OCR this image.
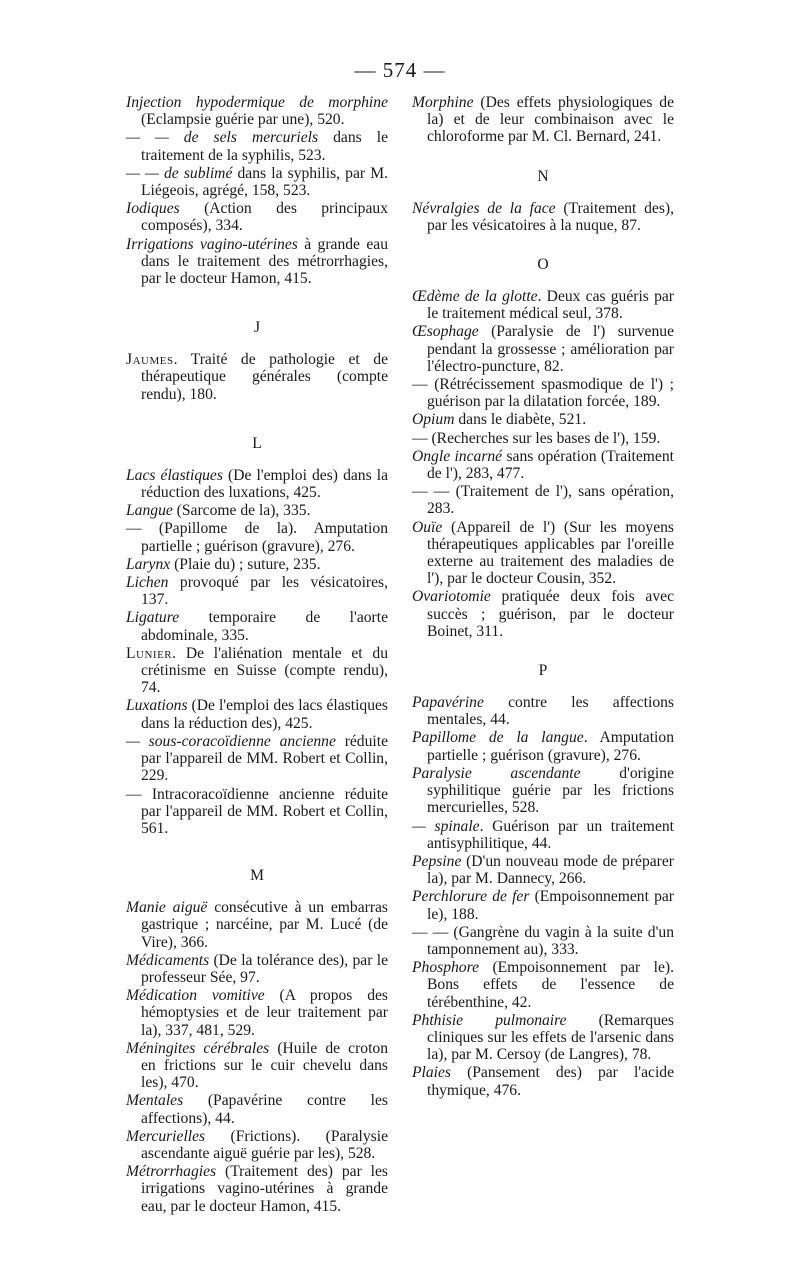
— 574 —
Injection hypodermique de morphine (Eclampsie guérie par une), 520.
— — de sels mercuriels dans le traitement de la syphilis, 523.
— — de sublimé dans la syphilis, par M. Liégeois, agrégé, 158, 523.
Iodiques (Action des principaux composés), 334.
Irrigations vagino-utérines à grande eau dans le traitement des métrorrhagies, par le docteur Hamon, 415.
J
Jaumes. Traité de pathologie et de thérapeutique générales (compte rendu), 180.
L
Lacs élastiques (De l'emploi des) dans la réduction des luxations, 425.
Langue (Sarcome de la), 335.
— (Papillome de la). Amputation partielle ; guérison (gravure), 276.
Larynx (Plaie du) ; suture, 235.
Lichen provoqué par les vésicatoires, 137.
Ligature temporaire de l'aorte abdominale, 335.
Lunier. De l'aliénation mentale et du crétinisme en Suisse (compte rendu), 74.
Luxations (De l'emploi des lacs élastiques dans la réduction des), 425.
— sous-coracoïdienne ancienne réduite par l'appareil de MM. Robert et Collin, 229.
— Intracoracoïdienne ancienne réduite par l'appareil de MM. Robert et Collin, 561.
M
Manie aiguë consécutive à un embarras gastrique ; narcéine, par M. Lucé (de Vire), 366.
Médicaments (De la tolérance des), par le professeur Sée, 97.
Médication vomitive (A propos des hémoptysies et de leur traitement par la), 337, 481, 529.
Méningites cérébrales (Huile de croton en frictions sur le cuir chevelu dans les), 470.
Mentales (Papavérine contre les affections), 44.
Mercurielles (Frictions). (Paralysie ascendante aiguë guérie par les), 528.
Métrorrhagies (Traitement des) par les irrigations vagino-utérines à grande eau, par le docteur Hamon, 415.
Morphine (Des effets physiologiques de la) et de leur combinaison avec le chloroforme par M. Cl. Bernard, 241.
N
Névralgies de la face (Traitement des), par les vésicatoires à la nuque, 87.
O
Œdème de la glotte. Deux cas guéris par le traitement médical seul, 378.
Œsophage (Paralysie de l') survenue pendant la grossesse ; amélioration par l'électro-puncture, 82.
— (Rétrécissement spasmodique de l') ; guérison par la dilatation forcée, 189.
Opium dans le diabète, 521.
— (Recherches sur les bases de l'), 159.
Ongle incarné sans opération (Traitement de l'), 283, 477.
— — (Traitement de l'), sans opération, 283.
Ouïe (Appareil de l') (Sur les moyens thérapeutiques applicables par l'oreille externe au traitement des maladies de l'), par le docteur Cousin, 352.
Ovariotomie pratiquée deux fois avec succès ; guérison, par le docteur Boinet, 311.
P
Papavérine contre les affections mentales, 44.
Papillome de la langue. Amputation partielle ; guérison (gravure), 276.
Paralysie ascendante d'origine syphilitique guérie par les frictions mercurielles, 528.
— spinale. Guérison par un traitement antisyphilitique, 44.
Pepsine (D'un nouveau mode de préparer la), par M. Dannecy, 266.
Perchlorure de fer (Empoisonnement par le), 188.
— — (Gangrène du vagin à la suite d'un tamponnement au), 333.
Phosphore (Empoisonnement par le). Bons effets de l'essence de térébenthine, 42.
Phthisie pulmonaire (Remarques cliniques sur les effets de l'arsenic dans la), par M. Cersoy (de Langres), 78.
Plaies (Pansement des) par l'acide thymique, 476.
